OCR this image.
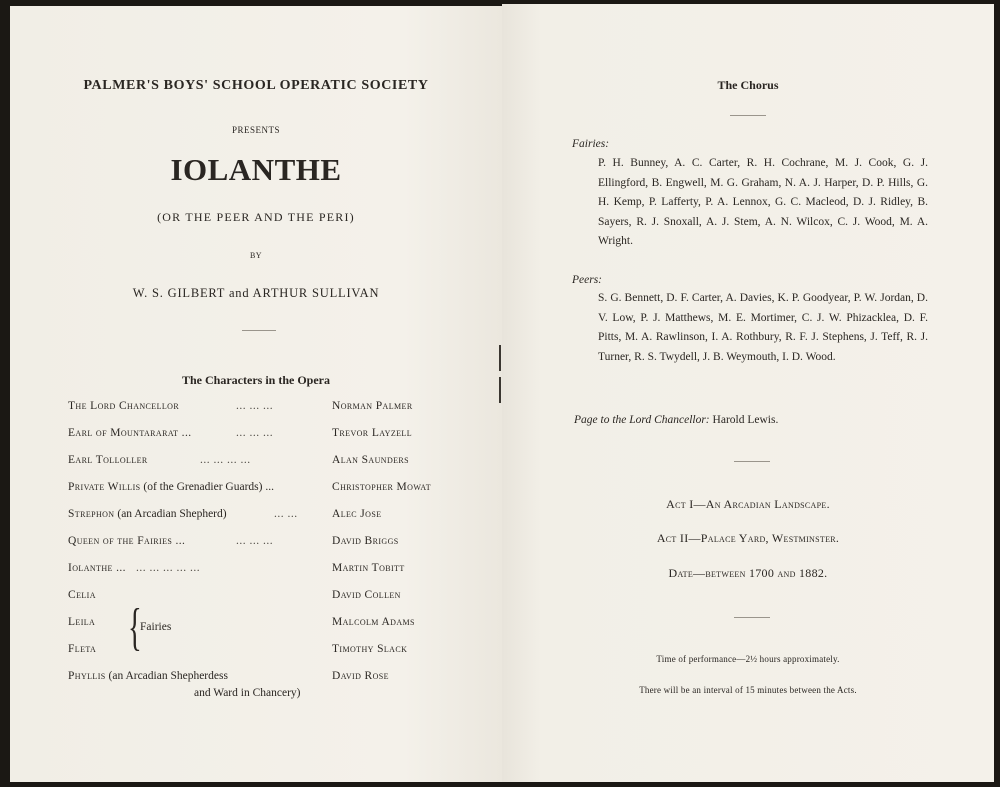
PALMER'S BOYS' SCHOOL OPERATIC SOCIETY
PRESENTS
IOLANTHE
(OR THE PEER AND THE PERI)
BY
W. S. GILBERT and ARTHUR SULLIVAN
The Characters in the Opera
The Lord Chancellor	... ... ...	Norman Palmer
Earl of Mountararat ...	... ... ...	Trevor Layzell
Earl Tolloller	... ... ... ...	Alan Saunders
Private Willis (of the Grenadier Guards) ...	Christopher Mowat
Strephon (an Arcadian Shepherd)	... ...	Alec Jose
Queen of the Fairies ...	... ... ...	David Briggs
Iolanthe ... ... ... ... ... ...	Martin Tobitt
Celia	David Collen
Leila	Malcolm Adams
Fleta	Timothy Slack
{
Fairies
Phyllis (an Arcadian Shepherdess	David Rose
and Ward in Chancery)
The Chorus
Fairies:
P. H. Bunney, A. C. Carter, R. H. Cochrane, M. J. Cook, G. J. Ellingford, B. Engwell, M. G. Graham, N. A. J. Harper, D. P. Hills, G. H. Kemp, P. Lafferty, P. A. Lennox, G. C. Macleod, D. J. Ridley, B. Sayers, R. J. Snoxall, A. J. Stem, A. N. Wilcox, C. J. Wood, M. A. Wright.
Peers:
S. G. Bennett, D. F. Carter, A. Davies, K. P. Goodyear, P. W. Jordan, D. V. Low, P. J. Matthews, M. E. Mortimer, C. J. W. Phizacklea, D. F. Pitts, M. A. Rawlinson, I. A. Rothbury, R. F. J. Stephens, J. Teff, R. J. Turner, R. S. Twydell, J. B. Weymouth, I. D. Wood.
Page to the Lord Chancellor: Harold Lewis.
Act I—An Arcadian Landscape.
Act II—Palace Yard, Westminster.
Date—between 1700 and 1882.
Time of performance—2½ hours approximately.
There will be an interval of 15 minutes between the Acts.
